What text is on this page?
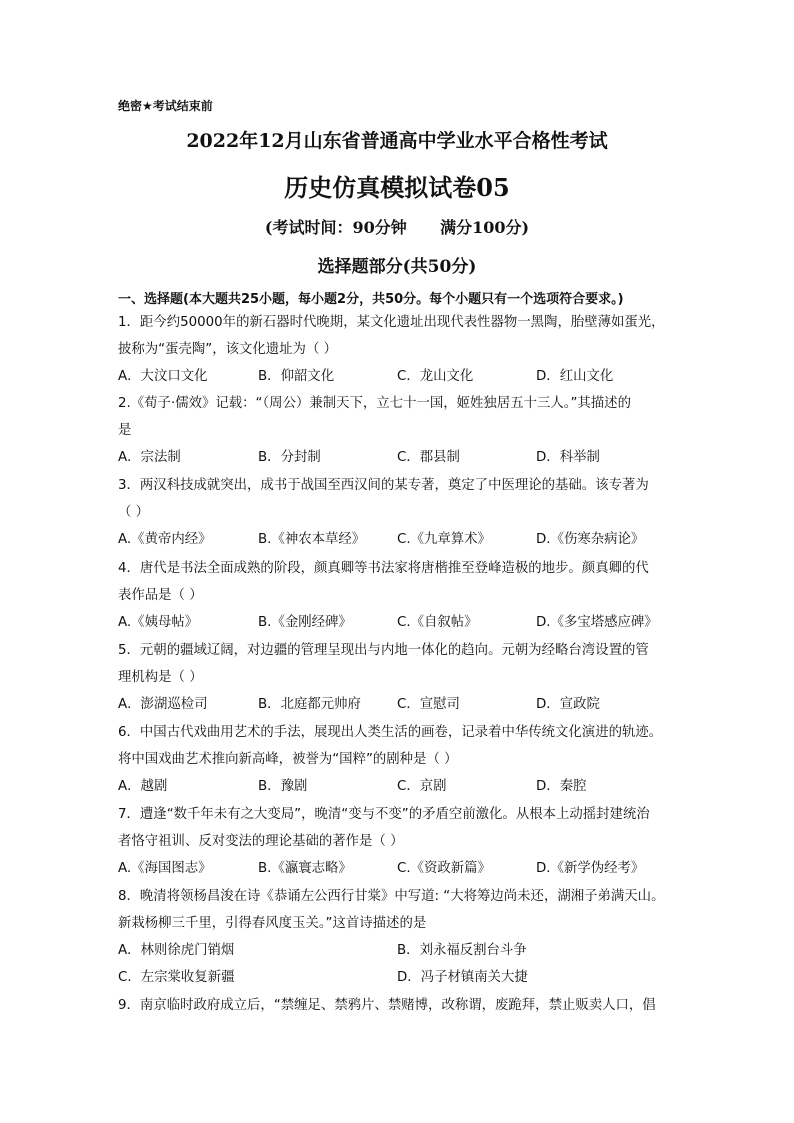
绝密★考试结束前
2022年12月山东省普通高中学业水平合格性考试
历史仿真模拟试卷05
(考试时间：90分钟      满分100分)
选择题部分(共50分)
一、选择题(本大题共25小题，每小题2分，共50分。每个小题只有一个选项符合要求。)
1．距今约50000年的新石器时代晚期，某文化遗址出现代表性器物一黑陶，胎壁薄如蛋光，
披称为“蛋壳陶”，该文化遗址为（ ）
A．大汶口文化	B．仰韶文化	C．龙山文化	D．红山文化
2.《荀子·儒效》记载：“（周公）兼制天下，立七十一国，姬姓独居五十三人。”其描述的
是
A．宗法制	B．分封制	C．郡县制	D．科举制
3．两汉科技成就突出，成书于战国至西汉间的某专著，奠定了中医理论的基础。该专著为
（ ）
A.《黄帝内经》	B.《神农本草经》 C.《九章算术》	D.《伤寒杂病论》
4．唐代是书法全面成熟的阶段，颜真卿等书法家将唐楷推至登峰造极的地步。颜真卿的代
表作品是（ ）
A.《姨母帖》	B.《金刚经碑》	C.《自叙帖》	D.《多宝塔感应碑》
5．元朝的疆域辽阔，对边疆的管理呈现出与内地一体化的趋向。元朝为经略台湾设置的管
理机构是（ ）
A．澎湖巡检司	B．北庭都元帅府	C．宣慰司	D．宣政院
6．中国古代戏曲用艺术的手法，展现出人类生活的画卷，记录着中华传统文化演进的轨迹。
将中国戏曲艺术推向新高峰，被誉为“国粹”的剧种是（ ）
A．越剧	B．豫剧	C．京剧	D．秦腔
7．遭逢“数千年未有之大变局”，晚清“变与不变”的矛盾空前激化。从根本上动摇封建统治
者恪守祖训、反对变法的理论基础的著作是（ ）
A.《海国图志》	B.《瀛寰志略》	C.《资政新篇》	D.《新学伪经考》
8．晚清将领杨昌浚在诗《恭诵左公西行甘棠》中写道: “大将筹边尚未还，湖湘子弟满天山。
新栽杨柳三千里，引得春风度玉关。”这首诗描述的是
A．林则徐虎门销烟	B．刘永福反割台斗争
C．左宗棠收复新疆	D．冯子材镇南关大捷
9．南京临时政府成立后，“禁缠足、禁鸦片、禁赌博，改称谓，废跪拜，禁止贩卖人口，倡
